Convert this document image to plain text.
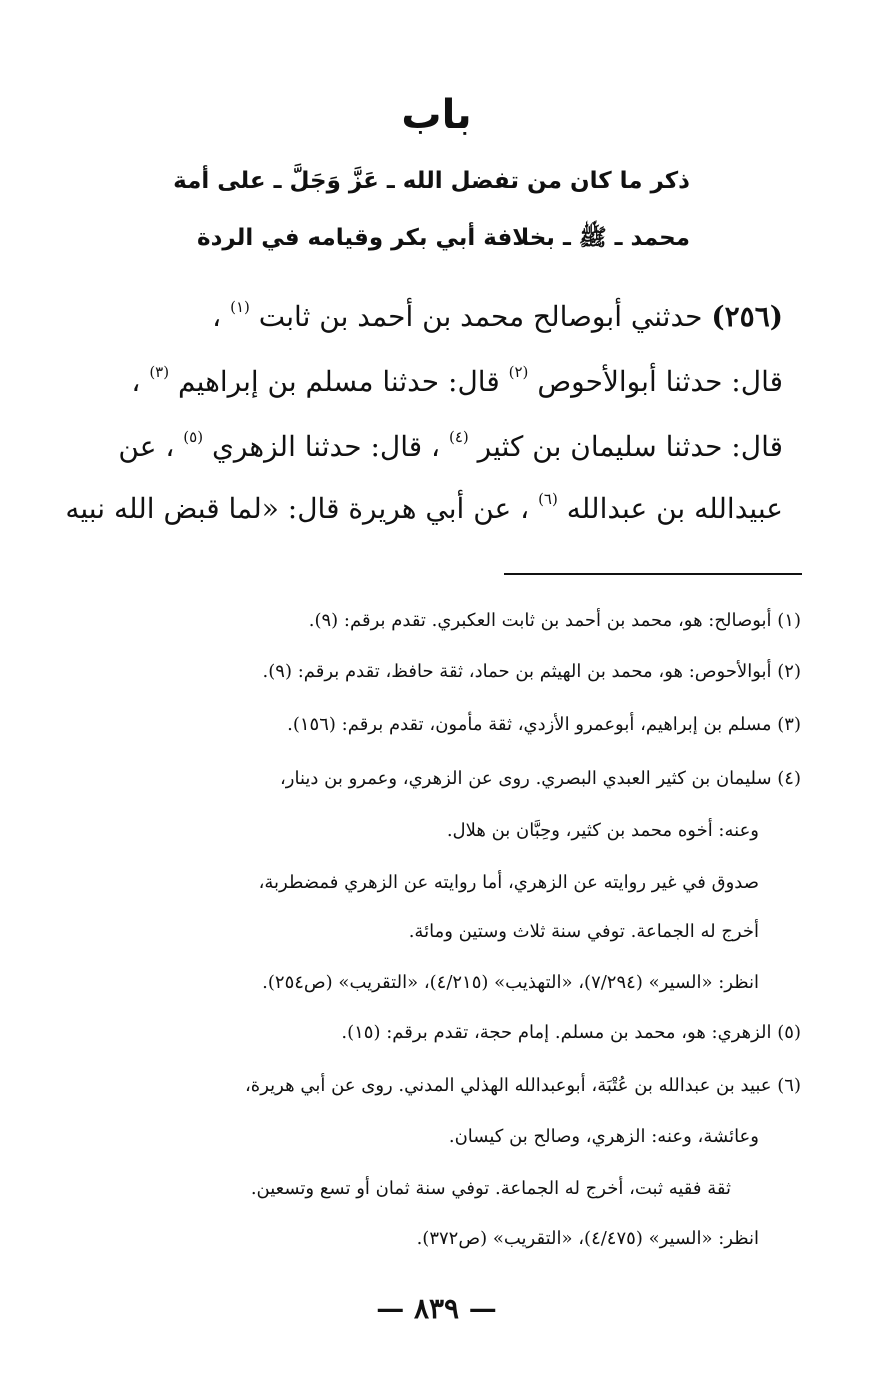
باب
ذكر ما كان من تفضل الله ـ عَزَّ وَجَلَّ ـ على أمة
محمد ـ ﷺ ـ بخلافة أبي بكر وقيامه في الردة
(٢٥٦) حدثني أبوصالح محمد بن أحمد بن ثابت $^{(١)}$ ،
قال: حدثنا أبوالأحوص $^{(٢)}$ قال: حدثنا مسلم بن إبراهيم $^{(٣)}$ ،
قال: حدثنا سليمان بن كثير $^{(٤)}$ ، قال: حدثنا الزهري $^{(٥)}$ ، عن
عبيدالله بن عبدالله $^{(٦)}$ ، عن أبي هريرة قال: «لما قبض الله نبيه
(١) أبوصالح: هو، محمد بن أحمد بن ثابت العكبري. تقدم برقم: (٩).
(٢) أبوالأحوص: هو، محمد بن الهيثم بن حماد، ثقة حافظ، تقدم برقم: (٩).
(٣) مسلم بن إبراهيم، أبوعمرو الأزدي، ثقة مأمون، تقدم برقم: (١٥٦).
(٤) سليمان بن كثير العبدي البصري. روى عن الزهري، وعمرو بن دينار،
وعنه: أخوه محمد بن كثير، وحِبَّان بن هلال.
صدوق في غير روايته عن الزهري، أما روايته عن الزهري فمضطربة،
أخرج له الجماعة. توفي سنة ثلاث وستين ومائة.
انظر: «السير» (٧/٢٩٤)، «التهذيب» (٤/٢١٥)، «التقريب» (ص٢٥٤).
(٥) الزهري: هو، محمد بن مسلم. إمام حجة، تقدم برقم: (١٥).
(٦) عبيد بن عبدالله بن عُتْبَة، أبوعبدالله الهذلي المدني. روى عن أبي هريرة،
وعائشة، وعنه: الزهري، وصالح بن كيسان.
ثقة فقيه ثبت، أخرج له الجماعة. توفي سنة ثمان أو تسع وتسعين.
انظر: «السير» (٤/٤٧٥)، «التقريب» (ص٣٧٢).
— ٨٣٩ —
